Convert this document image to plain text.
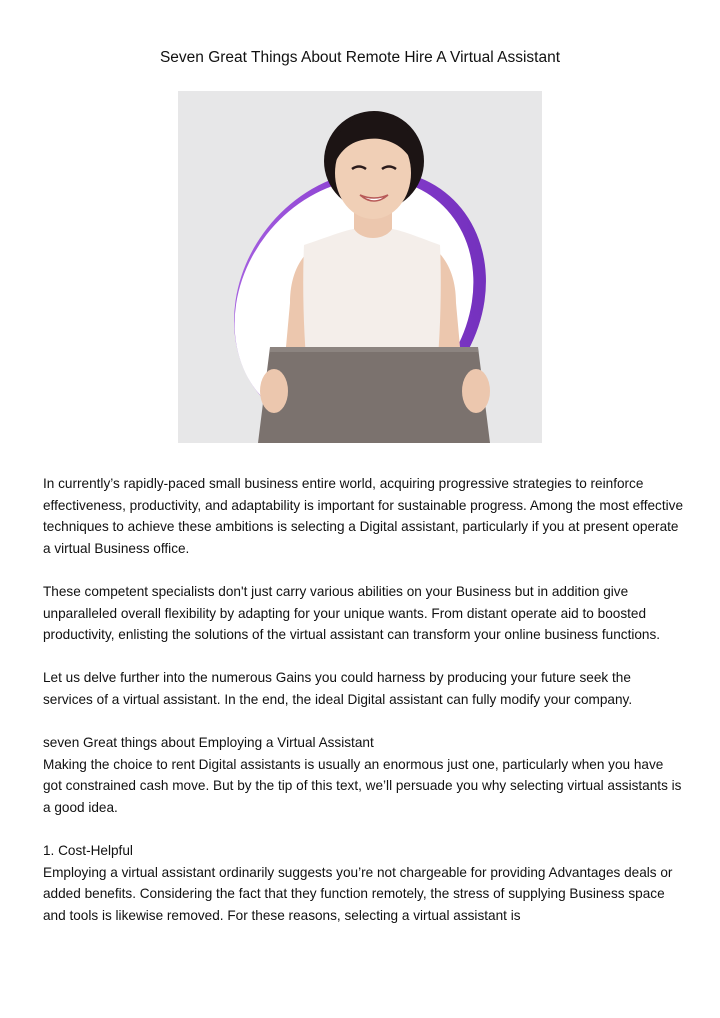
Seven Great Things About Remote Hire A Virtual Assistant

In currently’s rapidly-paced small business entire world, acquiring progressive strategies to reinforce effectiveness, productivity, and adaptability is important for sustainable progress. Among the most effective techniques to achieve these ambitions is selecting a Digital assistant, particularly if you at present operate a virtual Business office.

These competent specialists don't just carry various abilities on your Business but in addition give unparalleled overall flexibility by adapting for your unique wants. From distant operate aid to boosted productivity, enlisting the solutions of the virtual assistant can transform your online business functions.

Let us delve further into the numerous Gains you could harness by producing your future seek the services of a virtual assistant. In the end, the ideal Digital assistant can fully modify your company.

seven Great things about Employing a Virtual Assistant
Making the choice to rent Digital assistants is usually an enormous just one, particularly when you have got constrained cash move. But by the tip of this text, we’ll persuade you why selecting virtual assistants is a good idea.

1. Cost-Helpful
Employing a virtual assistant ordinarily suggests you’re not chargeable for providing Advantages deals or added benefits. Considering the fact that they function remotely, the stress of supplying Business space and tools is likewise removed. For these reasons, selecting a virtual assistant is
